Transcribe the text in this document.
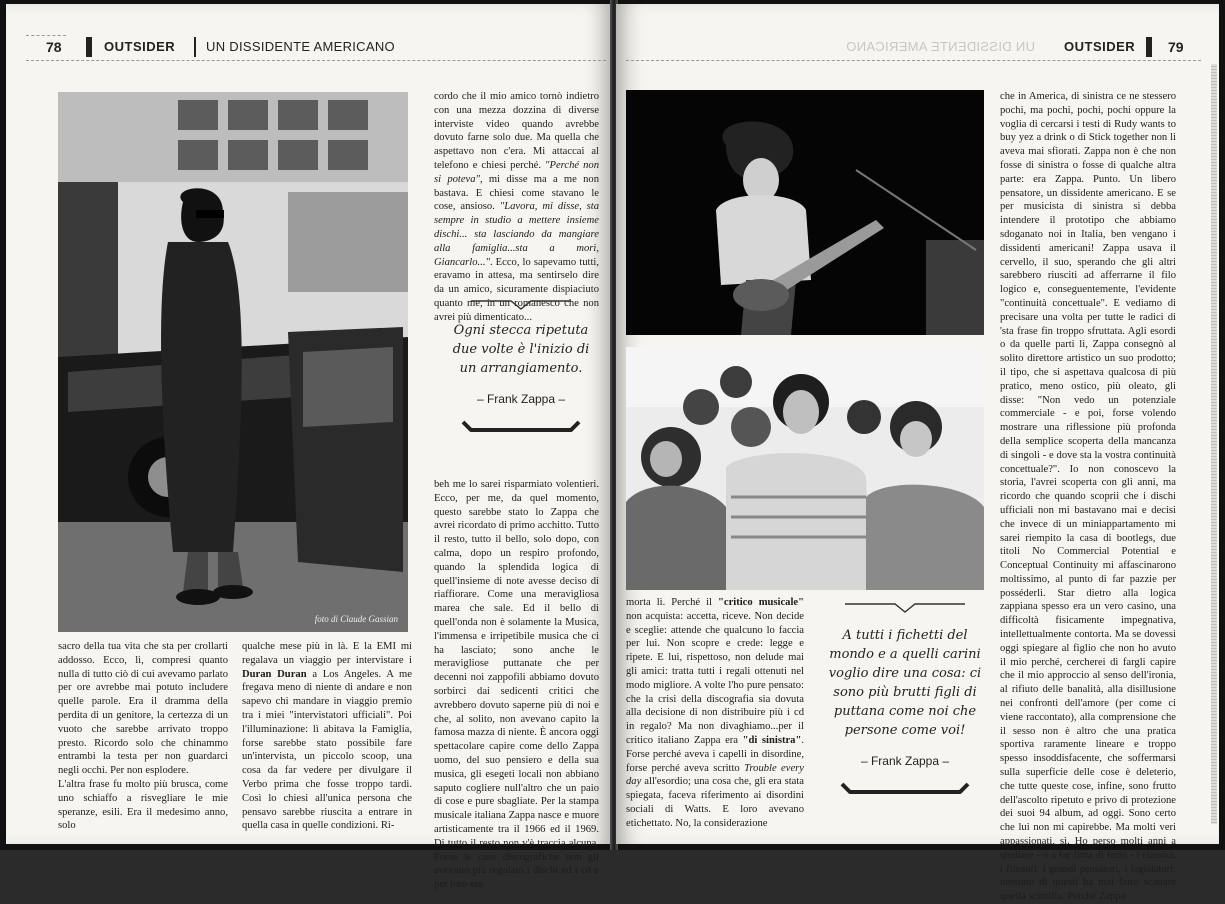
78	OUTSIDER UN DISSIDENTE AMERICANO
foto di Claude Gassian

sacro della tua vita che sta per crollarti addosso. Ecco, lì, compresi quanto nulla di tutto ciò di cui avevamo parlato per ore avrebbe mai potuto includere quelle parole. Era il dramma della perdita di un genitore, la certezza di un vuoto che sarebbe arrivato troppo presto. Ricordo solo che chinammo entrambi la testa per non guardarci negli occhi. Per non esplodere.

L'altra frase fu molto più brusca, come uno schiaffo a risvegliare le mie speranze, esili. Era il medesimo anno, solo

qualche mese più in là. E la EMI mi regalava un viaggio per intervistare i Duran Duran a Los Angeles. A me fregava meno di niente di andare e non sapevo chi mandare in viaggio premio tra i miei "intervistatori ufficiali". Poi l'illuminazione: lì abitava la Famiglia, forse sarebbe stato possibile fare un'intervista, un piccolo scoop, una cosa da far vedere per divulgare il Verbo prima che fosse troppo tardi. Così lo chiesi all'unica persona che pensavo sarebbe riuscita a entrare in quella casa in quelle condizioni. Ri-

cordo che il mio amico tornò indietro con una mezza dozzina di diverse interviste video quando avrebbe dovuto farne solo due. Ma quella che aspettavo non c'era. Mi attaccai al telefono e chiesi perché. "Perché non si poteva", mi disse ma a me non bastava. E chiesi come stavano le cose, ansioso. "Lavora, mi disse, sta sempre in studio a mettere insieme dischi... sta lasciando da mangiare alla famiglia...sta a morì, Giancarlo...". Ecco, lo sapevamo tutti, eravamo in attesa, ma sentirselo dire da un amico, sicuramente dispiaciuto quanto me, in un romanesco che non avrei più dimenticato...

Ogni stecca ripetuta due volte è l'inizio di un arrangiamento.
– Frank Zappa –

beh me lo sarei risparmiato volentieri. Ecco, per me, da quel momento, questo sarebbe stato lo Zappa che avrei ricordato di primo acchitto. Tutto il resto, tutto il bello, solo dopo, con calma, dopo un respiro profondo, quando la splendida logica di quell'insieme di note avesse deciso di riaffiorare. Come una meravigliosa marea che sale. Ed il bello di quell'onda non è solamente la Musica, l'immensa e irripetibile musica che ci ha lasciato; sono anche le meravigliose puttanate che per decenni noi zappofili abbiamo dovuto sorbirci dai sedicenti critici che avrebbero dovuto saperne più di noi e che, al solito, non avevano capito la famosa mazza di niente. È ancora oggi spettacolare capire come dello Zappa uomo, del suo pensiero e della sua musica, gli esegeti locali non abbiano saputo cogliere null'altro che un paio di cose e pure sbagliate. Per la stampa musicale italiana Zappa nasce e muore artisticamente tra il 1966 ed il 1969. Di tutto il resto non v'è traccia alcuna. Forse le case discografiche non gli avevano più regalato i dischi ed i cd e per loro era

UN DISSIDENTE AMERICANO OUTSIDER 79

morta lì. Perché il "critico musicale" non acquista: accetta, riceve. Non decide e sceglie: attende che qualcuno lo faccia per lui. Non scopre e crede: legge e ripete. E lui, rispettoso, non delude mai gli amici: tratta tutti i regali ottenuti nel modo migliore. A volte l'ho pure pensato: che la crisi della discografia sia dovuta alla decisione di non distribuire più i cd in regalo? Ma non divaghiamo...per il critico italiano Zappa era "di sinistra". Forse perché aveva i capelli in disordine, forse perché aveva scritto Trouble every day all'esordio; una cosa che, gli era stata spiegata, faceva riferimento ai disordini sociali di Watts. E loro avevano etichettato. No, la considerazione

A tutti i fichetti del mondo e a quelli carini voglio dire una cosa: ci sono più brutti figli di puttana come noi che persone come voi!
– Frank Zappa –

che in America, di sinistra ce ne stessero pochi, ma pochi, pochi, pochi oppure la voglia di cercarsi i testi di Rudy wants to buy yez a drink o di Stick together non li aveva mai sfiorati. Zappa non è che non fosse di sinistra o fosse di qualche altra parte: era Zappa. Punto. Un libero pensatore, un dissidente americano. E se per musicista di sinistra si debba intendere il prototipo che abbiamo sdoganato noi in Italia, ben vengano i dissidenti americani! Zappa usava il cervello, il suo, sperando che gli altri sarebbero riusciti ad afferrarne il filo logico e, conseguentemente, l'evidente "continuità concettuale". E vediamo di precisare una volta per tutte le radici di 'sta frase fin troppo sfruttata. Agli esordi o da quelle parti lì, Zappa consegnò al solito direttore artistico un suo prodotto; il tipo, che si aspettava qualcosa di più pratico, meno ostico, più oleato, gli disse: "Non vedo un potenziale commerciale - e poi, forse volendo mostrare una riflessione più profonda della semplice scoperta della mancanza di singoli - e dove sta la vostra continuità concettuale?". Io non conoscevo la storia, l'avrei scoperta con gli anni, ma ricordo che quando scoprii che i dischi ufficiali non mi bastavano mai e decisi che invece di un miniappartamento mi sarei riempito la casa di bootlegs, due titoli No Commercial Potential e Conceptual Continuity mi affascinarono moltissimo, al punto di far pazzie per posséderli. Star dietro alla logica zappiana spesso era un vero casino, una difficoltà fisicamente impegnativa, intellettualmente contorta. Ma se dovessi oggi spiegare al figlio che non ho avuto il mio perché, cercherei di fargli capire che il mio approccio al senso dell'ironia, al rifiuto delle banalità, alla disillusione nei confronti dell'amore (per come ci viene raccontato), alla comprensione che il sesso non è altro che una pratica sportiva raramente lineare e troppo spesso insoddisfacente, che soffermarsi sulla superficie delle cose è deleterio, che tutte queste cose, infine, sono frutto dell'ascolto ripetuto e privo di protezione dei suoi 94 album, ad oggi. Sono certo che lui non mi capirebbe. Ma molti veri appassionati, sì. Ho perso molti anni a studiare - o a far finta di farlo - i classici, i filosofi, i grandi pensatori, i legislatori; nessuno di questi ha mai fatto scattare quella scintilla. Perché Zappa
